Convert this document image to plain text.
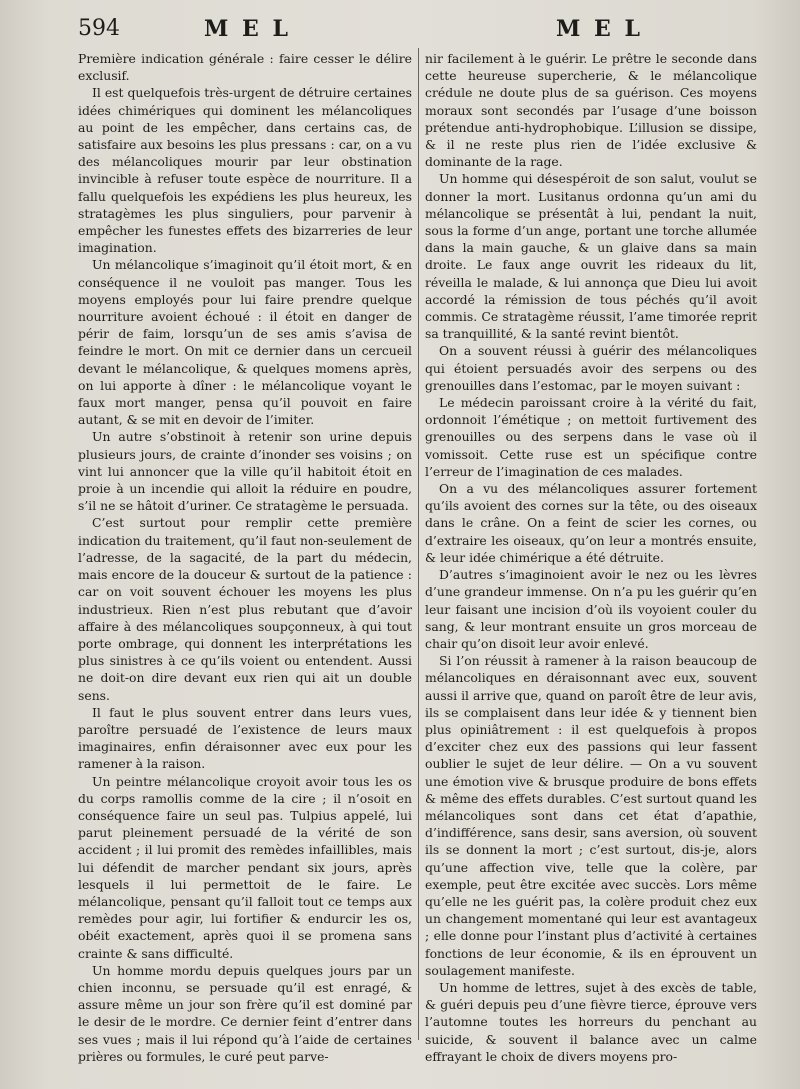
594	M E L	M E L

Première indication générale : faire cesser le délire exclusif.

Il est quelquefois très-urgent de détruire certaines idées chimériques qui dominent les mélancoliques au point de les empêcher, dans certains cas, de satisfaire aux besoins les plus pressans : car, on a vu des mélancoliques mourir par leur obstination invincible à refuser toute espèce de nourriture. Il a fallu quelquefois les expédiens les plus heureux, les stratagèmes les plus singuliers, pour parvenir à empêcher les funestes effets des bizarreries de leur imagination.

Un mélancolique s’imaginoit qu’il étoit mort, & en conséquence il ne vouloit pas manger. Tous les moyens employés pour lui faire prendre quelque nourriture avoient échoué : il étoit en danger de périr de faim, lorsqu’un de ses amis s’avisa de feindre le mort. On mit ce dernier dans un cercueil devant le mélancolique, & quelques momens après, on lui apporte à dîner : le mélancolique voyant le faux mort manger, pensa qu’il pouvoit en faire autant, & se mit en devoir de l’imiter.

Un autre s’obstinoit à retenir son urine depuis plusieurs jours, de crainte d’inonder ses voisins ; on vint lui annoncer que la ville qu’il habitoit étoit en proie à un incendie qui alloit la réduire en poudre, s’il ne se hâtoit d’uriner. Ce stratagème le persuada.

C’est surtout pour remplir cette première indication du traitement, qu’il faut non-seulement de l’adresse, de la sagacité, de la part du médecin, mais encore de la douceur & surtout de la patience : car on voit souvent échouer les moyens les plus industrieux. Rien n’est plus rebutant que d’avoir affaire à des mélancoliques soupçonneux, à qui tout porte ombrage, qui donnent les interprétations les plus sinistres à ce qu’ils voient ou entendent. Aussi ne doit-on dire devant eux rien qui ait un double sens.

Il faut le plus souvent entrer dans leurs vues, paroître persuadé de l’existence de leurs maux imaginaires, enfin déraisonner avec eux pour les ramener à la raison.

Un peintre mélancolique croyoit avoir tous les os du corps ramollis comme de la cire ; il n’osoit en conséquence faire un seul pas. Tulpius appelé, lui parut pleinement persuadé de la vérité de son accident ; il lui promit des remèdes infaillibles, mais lui défendit de marcher pendant six jours, après lesquels il lui permettoit de le faire. Le mélancolique, pensant qu’il falloit tout ce temps aux remèdes pour agir, lui fortifier & endurcir les os, obéit exactement, après quoi il se promena sans crainte & sans difficulté.

Un homme mordu depuis quelques jours par un chien inconnu, se persuade qu’il est enragé, & assure même un jour son frère qu’il est dominé par le desir de le mordre. Ce dernier feint d’entrer dans ses vues ; mais il lui répond qu’à l’aide de certaines prières ou formules, le curé peut parve-

nir facilement à le guérir. Le prêtre le seconde dans cette heureuse supercherie, & le mélancolique crédule ne doute plus de sa guérison. Ces moyens moraux sont secondés par l’usage d’une boisson prétendue anti-hydrophobique. L’illusion se dissipe, & il ne reste plus rien de l’idée exclusive & dominante de la rage.

Un homme qui désespéroit de son salut, voulut se donner la mort. Lusitanus ordonna qu’un ami du mélancolique se présentât à lui, pendant la nuit, sous la forme d’un ange, portant une torche allumée dans la main gauche, & un glaive dans sa main droite. Le faux ange ouvrit les rideaux du lit, réveilla le malade, & lui annonça que Dieu lui avoit accordé la rémission de tous péchés qu’il avoit commis. Ce stratagème réussit, l’ame timorée reprit sa tranquillité, & la santé revint bientôt.

On a souvent réussi à guérir des mélancoliques qui étoient persuadés avoir des serpens ou des grenouilles dans l’estomac, par le moyen suivant :

Le médecin paroissant croire à la vérité du fait, ordonnoit l’émétique ; on mettoit furtivement des grenouilles ou des serpens dans le vase où il vomissoit. Cette ruse est un spécifique contre l’erreur de l’imagination de ces malades.

On a vu des mélancoliques assurer fortement qu’ils avoient des cornes sur la tête, ou des oiseaux dans le crâne. On a feint de scier les cornes, ou d’extraire les oiseaux, qu’on leur a montrés ensuite, & leur idée chimérique a été détruite.

D’autres s’imaginoient avoir le nez ou les lèvres d’une grandeur immense. On n’a pu les guérir qu’en leur faisant une incision d’où ils voyoient couler du sang, & leur montrant ensuite un gros morceau de chair qu’on disoit leur avoir enlevé.

Si l’on réussit à ramener à la raison beaucoup de mélancoliques en déraisonnant avec eux, souvent aussi il arrive que, quand on paroît être de leur avis, ils se complaisent dans leur idée & y tiennent bien plus opiniâtrement : il est quelquefois à propos d’exciter chez eux des passions qui leur fassent oublier le sujet de leur délire. — On a vu souvent une émotion vive & brusque produire de bons effets & même des effets durables. C’est surtout quand les mélancoliques sont dans cet état d’apathie, d’indifférence, sans desir, sans aversion, où souvent ils se donnent la mort ; c’est surtout, dis-je, alors qu’une affection vive, telle que la colère, par exemple, peut être excitée avec succès. Lors même qu’elle ne les guérit pas, la colère produit chez eux un changement momentané qui leur est avantageux ; elle donne pour l’instant plus d’activité à certaines fonctions de leur économie, & ils en éprouvent un soulagement manifeste.

Un homme de lettres, sujet à des excès de table, & guéri depuis peu d’une fièvre tierce, éprouve vers l’automne toutes les horreurs du penchant au suicide, & souvent il balance avec un calme effrayant le choix de divers moyens pro-
